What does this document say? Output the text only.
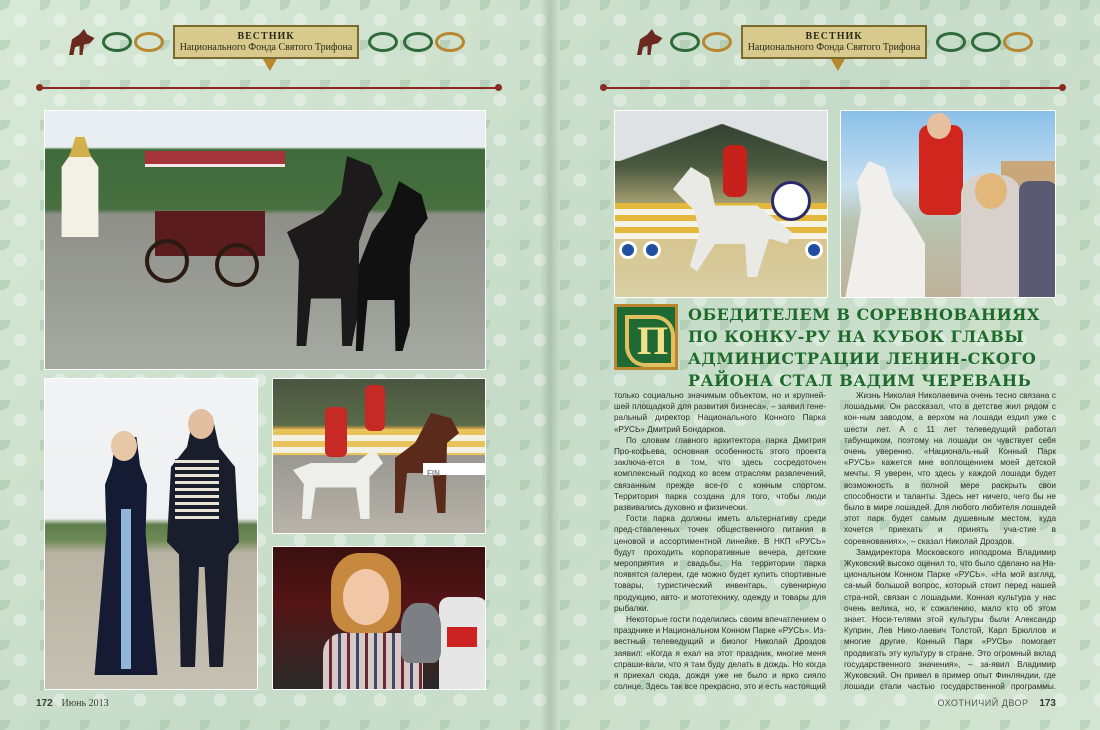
ВЕСТНИК
Национального Фонда Святого Трифона
FIN
ВЕСТНИК
Национального Фонда Святого Трифона
П
ОБЕДИТЕЛЕМ В СОРЕВНОВАНИЯХ ПО КОНКУ-РУ НА КУБОК ГЛАВЫ АДМИНИСТРАЦИИ ЛЕНИН-СКОГО РАЙОНА СТАЛ ВАДИМ ЧЕРЕВАНЬ

только социально значимым объектом, но и крупней-шей площадкой для развития бизнеса», – заявил гене-ральный директор Национального Конного Парка «РУСЬ» Дмитрий Бондарков.

По словам главного архитектора парка Дмитрия Про-кофьева, основная особенность этого проекта заключа-ется в том, что здесь сосредоточен комплексный подход ко всем отраслям развлечений, связанным прежде все-го с конным спортом. Территория парка создана для того, чтобы люди развивались духовно и физически.

Гости парка должны иметь альтернативу среди пред-ставленных точек общественного питания в ценовой и ассортиментной линейке. В НКП «РУСЬ» будут проходить корпоративные вечера, детские мероприятия и свадьбы. На территории парка появятся галереи, где можно будет купить спортивные товары, туристический инвентарь, сувенирную продукцию, авто- и мототехнику, одежду и товары для рыбалки.

Некоторые гости поделились своим впечатлением о празднике и Национальном Конном Парке «РУСЬ». Из-вестный телеведущий и биолог Николай Дроздов заявил: «Когда я ехал на этот праздник, многие меня спраши-вали, что я там буду делать в дождь. Но когда я приехал сюда, дождя уже не было и ярко сияло солнце. Здесь так все прекрасно, это и есть настоящий

Жизнь Николая Николаевича очень тесно связана с лошадьми. Он рассказал, что в детстве жил рядом с кон-ным заводом, а верхом на лошади ездил уже с шести лет. А с 11 лет телеведущий работал табунщиком, поэтому на лошади он чувствует себя очень уверенно. «Националь-ный Конный Парк «РУСЬ» кажется мне воплощением моей детской мечты. Я уверен, что здесь у каждой лошади будет возможность в полной мере раскрыть свои способности и таланты. Здесь нет ничего, чего бы не было в мире лошадей. Для любого любителя лошадей этот парк будет самым душевным местом, куда хочется приехать и принять уча-стие в соревнованиях», – сказал Николай Дроздов.

Замдиректора Московского ипподрома Владимир Жуковский высоко оценил то, что было сделано на На-циональном Конном Парке «РУСЬ». «На мой взгляд, са-мый большой вопрос, который стоит перед нашей стра-ной, связан с лошадьми. Конная культура у нас очень велика, но, к сожалению, мало кто об этом знает. Носи-телями этой культуры были Александр Куприн, Лев Нико-лаевич Толстой, Карл Брюллов и многие другие. Конный Парк «РУСЬ» помогает продвигать эту культуру в стране. Это огромный вклад государственного значения», – за-явил Владимир Жуковский. Он привел в пример опыт Финляндии, где лошади стали частью государственной программы.

172 Июнь 2013	ОХОТНИЧИЙ ДВОР 173
